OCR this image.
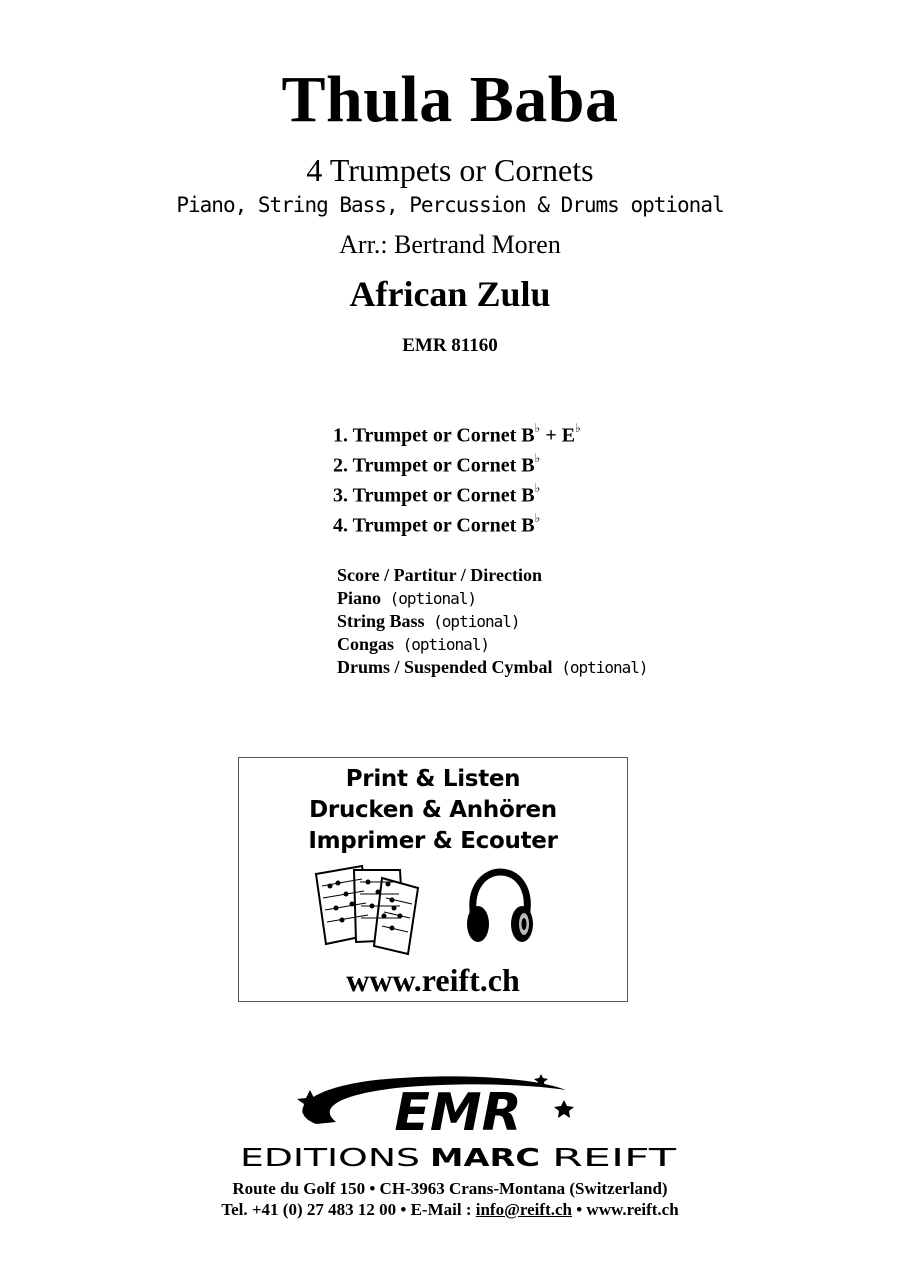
Thula Baba
4 Trumpets or Cornets
Piano, String Bass, Percussion & Drums optional
Arr.: Bertrand Moren
African Zulu
EMR 81160
1. Trumpet or Cornet B♭ + E♭
2. Trumpet or Cornet B♭
3. Trumpet or Cornet B♭
4. Trumpet or Cornet B♭
Score / Partitur / Direction
Piano (optional)
String Bass (optional)
Congas (optional)
Drums / Suspended Cymbal (optional)
Print & Listen
Drucken & Anhören
Imprimer & Ecouter
www.reift.ch
EMR
EDITIONS MARC REIFT
Route du Golf 150 • CH-3963 Crans-Montana (Switzerland)
Tel. +41 (0) 27 483 12 00 • E-Mail : info@reift.ch • www.reift.ch
